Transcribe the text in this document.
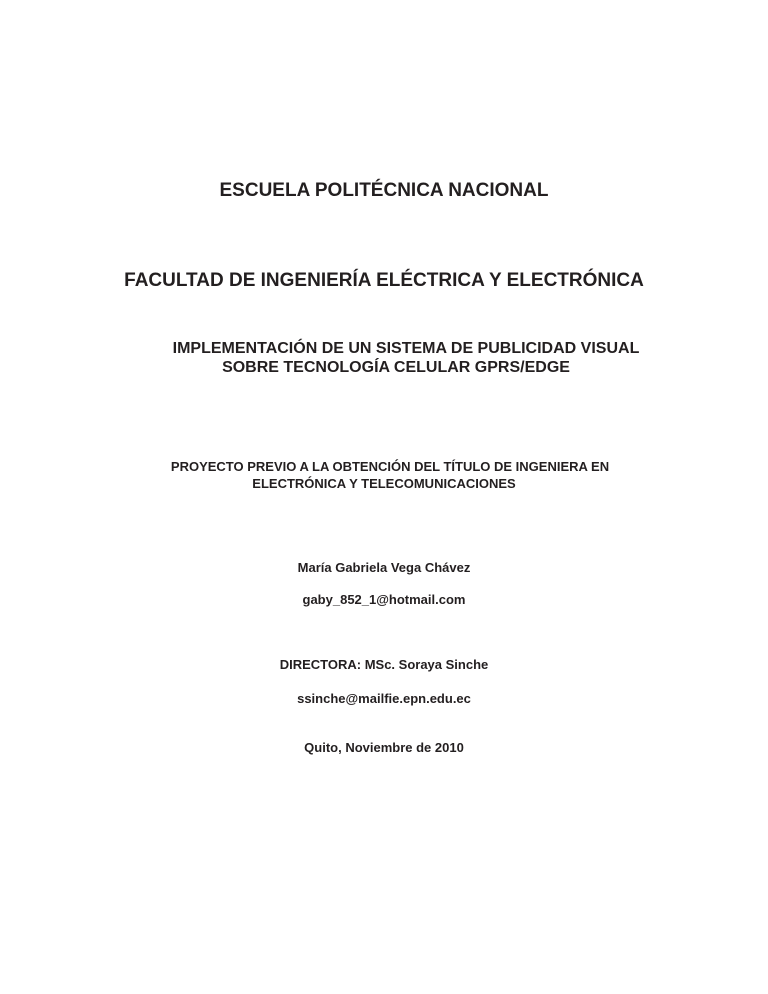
ESCUELA POLITÉCNICA NACIONAL

FACULTAD DE INGENIERÍA ELÉCTRICA Y ELECTRÓNICA

IMPLEMENTACIÓN DE UN SISTEMA DE PUBLICIDAD VISUAL

SOBRE TECNOLOGÍA CELULAR GPRS/EDGE

PROYECTO PREVIO A LA OBTENCIÓN DEL TÍTULO DE INGENIERA EN

ELECTRÓNICA Y TELECOMUNICACIONES

María Gabriela Vega Chávez

gaby_852_1@hotmail.com

DIRECTORA: MSc. Soraya Sinche

ssinche@mailfie.epn.edu.ec

Quito, Noviembre de 2010
